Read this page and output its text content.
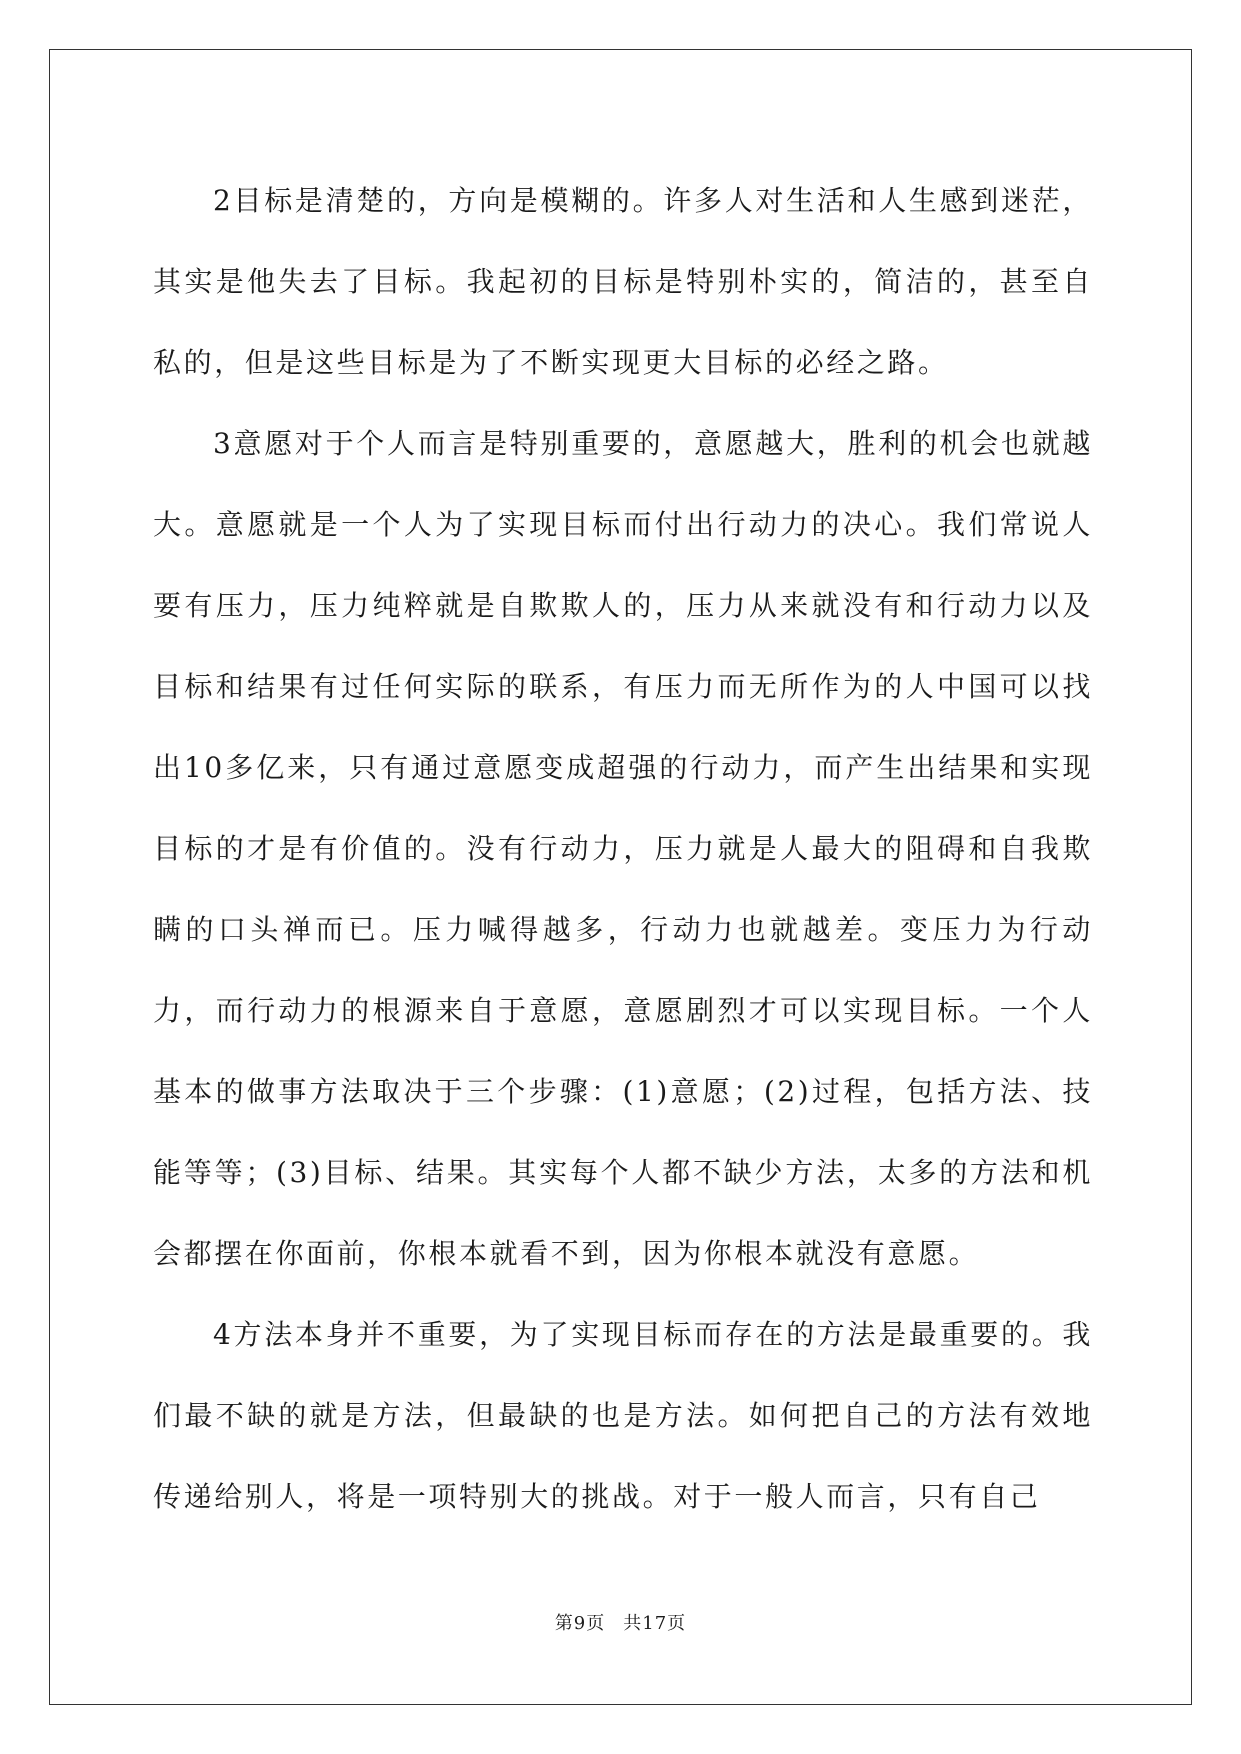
2目标是清楚的，方向是模糊的。许多人对生活和人生感到迷茫，其实是他失去了目标。我起初的目标是特别朴实的，简洁的，甚至自私的，但是这些目标是为了不断实现更大目标的必经之路。

3意愿对于个人而言是特别重要的，意愿越大，胜利的机会也就越大。意愿就是一个人为了实现目标而付出行动力的决心。我们常说人要有压力，压力纯粹就是自欺欺人的，压力从来就没有和行动力以及目标和结果有过任何实际的联系，有压力而无所作为的人中国可以找出10多亿来，只有通过意愿变成超强的行动力，而产生出结果和实现目标的才是有价值的。没有行动力，压力就是人最大的阻碍和自我欺瞒的口头禅而已。压力喊得越多，行动力也就越差。变压力为行动力，而行动力的根源来自于意愿，意愿剧烈才可以实现目标。一个人基本的做事方法取决于三个步骤：(1)意愿；(2)过程，包括方法、技能等等；(3)目标、结果。其实每个人都不缺少方法，太多的方法和机会都摆在你面前，你根本就看不到，因为你根本就没有意愿。

4方法本身并不重要，为了实现目标而存在的方法是最重要的。我们最不缺的就是方法，但最缺的也是方法。如何把自己的方法有效地传递给别人，将是一项特别大的挑战。对于一般人而言，只有自己

第9页 共17页
